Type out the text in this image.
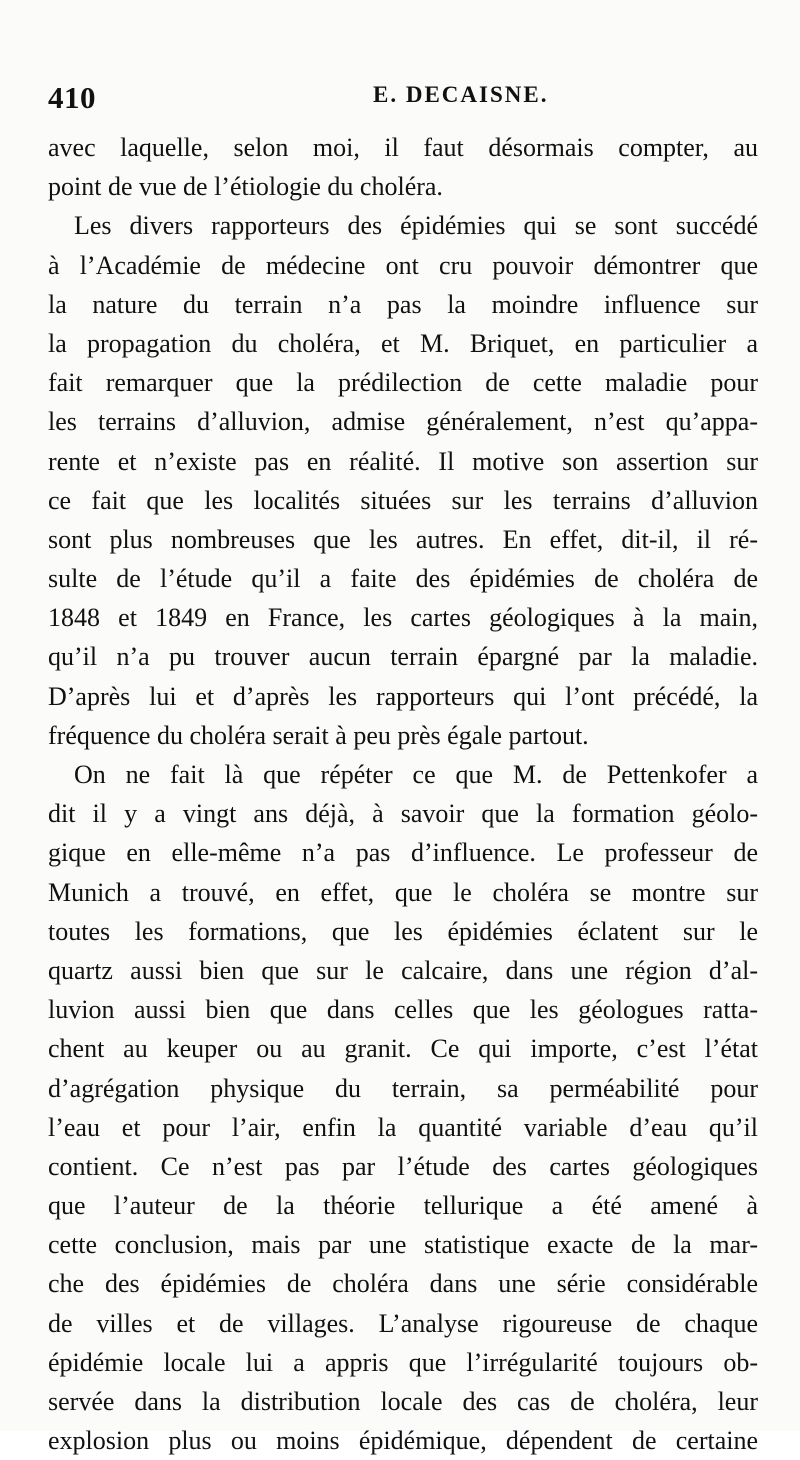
410	E. DECAISNE.
avec laquelle, selon moi, il faut désormais compter, au
point de vue de l’étiologie du choléra.
Les divers rapporteurs des épidémies qui se sont succédé
à l’Académie de médecine ont cru pouvoir démontrer que
la nature du terrain n’a pas la moindre influence sur
la propagation du choléra, et M. Briquet, en particulier a
fait remarquer que la prédilection de cette maladie pour
les terrains d’alluvion, admise généralement, n’est qu’appa-
rente et n’existe pas en réalité. Il motive son assertion sur
ce fait que les localités situées sur les terrains d’alluvion
sont plus nombreuses que les autres. En effet, dit-il, il ré-
sulte de l’étude qu’il a faite des épidémies de choléra de
1848 et 1849 en France, les cartes géologiques à la main,
qu’il n’a pu trouver aucun terrain épargné par la maladie.
D’après lui et d’après les rapporteurs qui l’ont précédé, la
fréquence du choléra serait à peu près égale partout.
On ne fait là que répéter ce que M. de Pettenkofer a
dit il y a vingt ans déjà, à savoir que la formation géolo-
gique en elle-même n’a pas d’influence. Le professeur de
Munich a trouvé, en effet, que le choléra se montre sur
toutes les formations, que les épidémies éclatent sur le
quartz aussi bien que sur le calcaire, dans une région d’al-
luvion aussi bien que dans celles que les géologues ratta-
chent au keuper ou au granit. Ce qui importe, c’est l’état
d’agrégation physique du terrain, sa perméabilité pour
l’eau et pour l’air, enfin la quantité variable d’eau qu’il
contient. Ce n’est pas par l’étude des cartes géologiques
que l’auteur de la théorie tellurique a été amené à
cette conclusion, mais par une statistique exacte de la mar-
che des épidémies de choléra dans une série considérable
de villes et de villages. L’analyse rigoureuse de chaque
épidémie locale lui a appris que l’irrégularité toujours ob-
servée dans la distribution locale des cas de choléra, leur
explosion plus ou moins épidémique, dépendent de certaine
